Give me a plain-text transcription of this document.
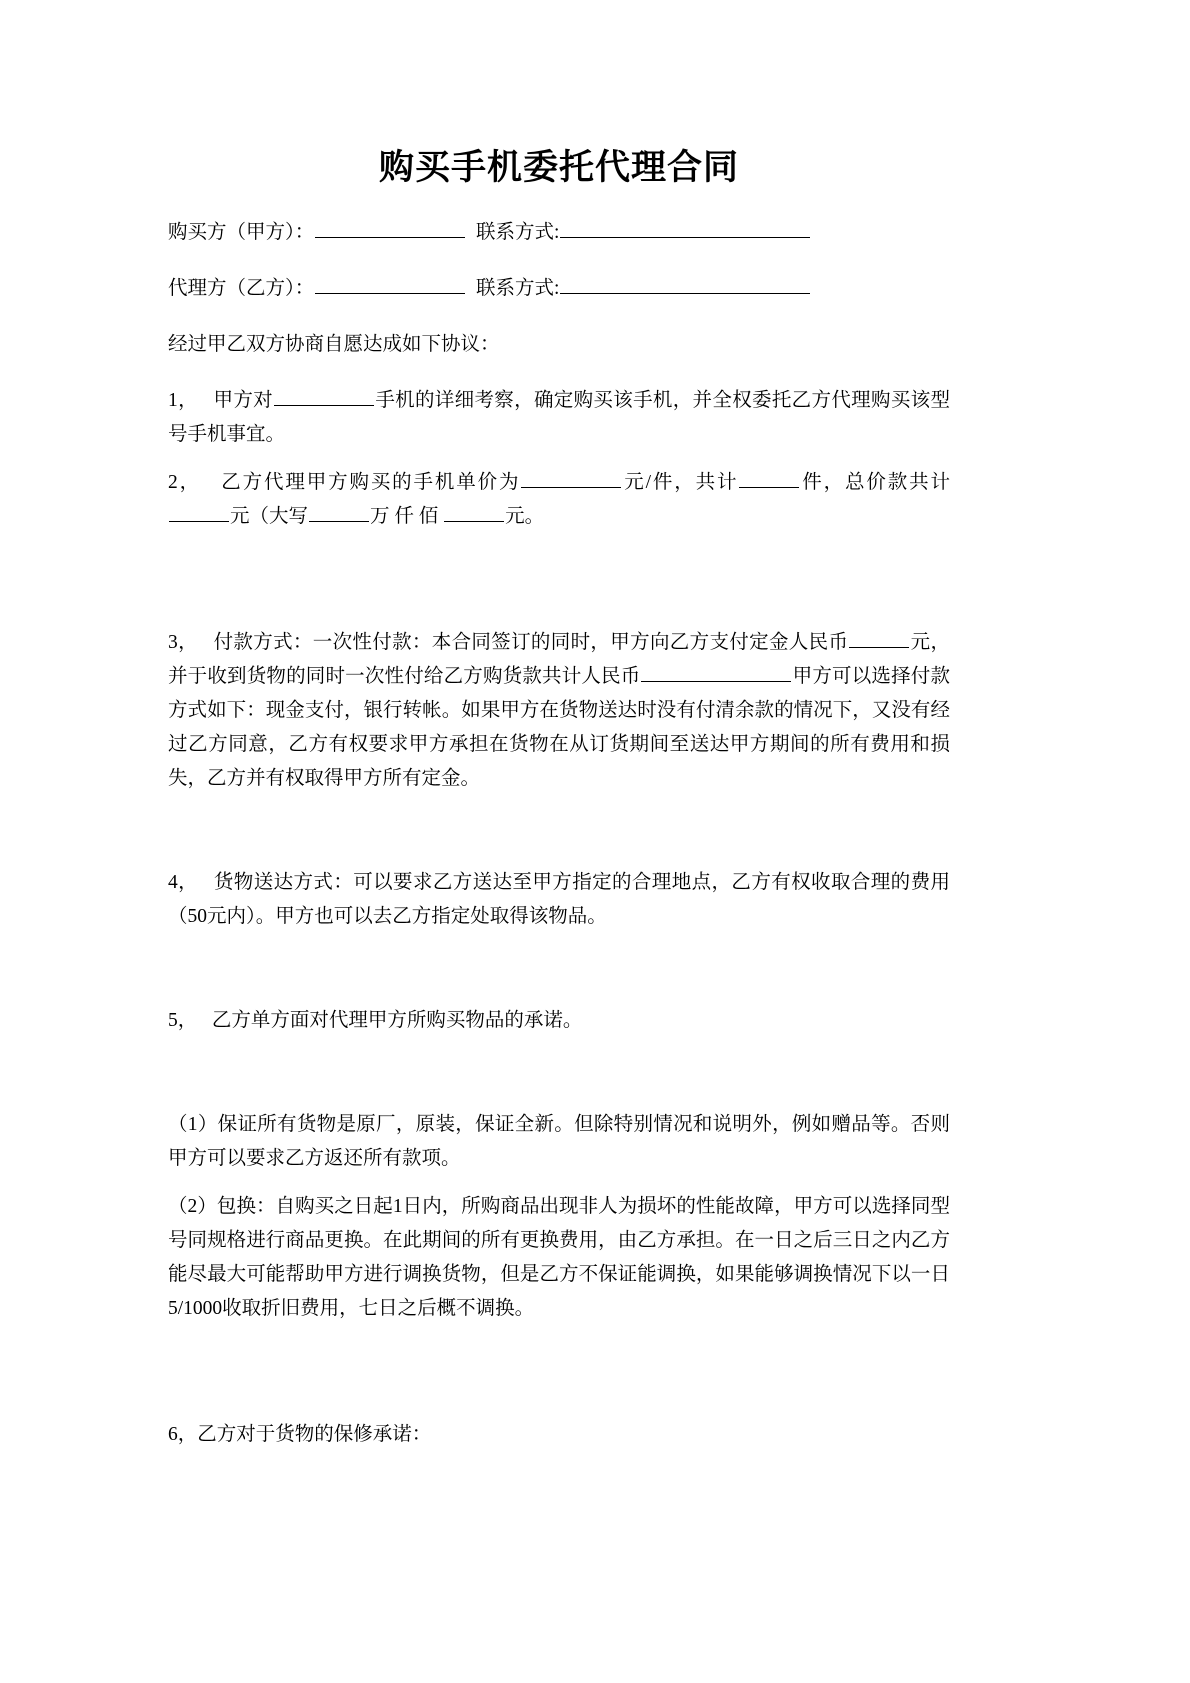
购买手机委托代理合同

购买方（甲方）：	联系方式:

代理方（乙方）：	联系方式:

经过甲乙双方协商自愿达成如下协议：

1， 甲方对	手机的详细考察，确定购买该手机，并全权委托乙方代理购买该型号手机事宜。

2， 乙方代理甲方购买的手机单价为	元/件，共计	件，总价款共计元（大写	万 仟 佰	元。

3， 付款方式：一次性付款：本合同签订的同时，甲方向乙方支付定金人民币	元，并于收到货物的同时一次性付给乙方购货款共计人民币	甲方可以选择付款方式如下：现金支付，银行转帐。如果甲方在货物送达时没有付清余款的情况下，又没有经过乙方同意，乙方有权要求甲方承担在货物在从订货期间至送达甲方期间的所有费用和损失，乙方并有权取得甲方所有定金。

4， 货物送达方式：可以要求乙方送达至甲方指定的合理地点，乙方有权收取合理的费用（50元内）。甲方也可以去乙方指定处取得该物品。

5， 乙方单方面对代理甲方所购买物品的承诺。

（1）保证所有货物是原厂，原装，保证全新。但除特别情况和说明外，例如赠品等。否则甲方可以要求乙方返还所有款项。

（2）包换：自购买之日起1日内，所购商品出现非人为损坏的性能故障，甲方可以选择同型号同规格进行商品更换。在此期间的所有更换费用，由乙方承担。在一日之后三日之内乙方能尽最大可能帮助甲方进行调换货物，但是乙方不保证能调换，如果能够调换情况下以一日5/1000收取折旧费用，七日之后概不调换。

6，乙方对于货物的保修承诺：
